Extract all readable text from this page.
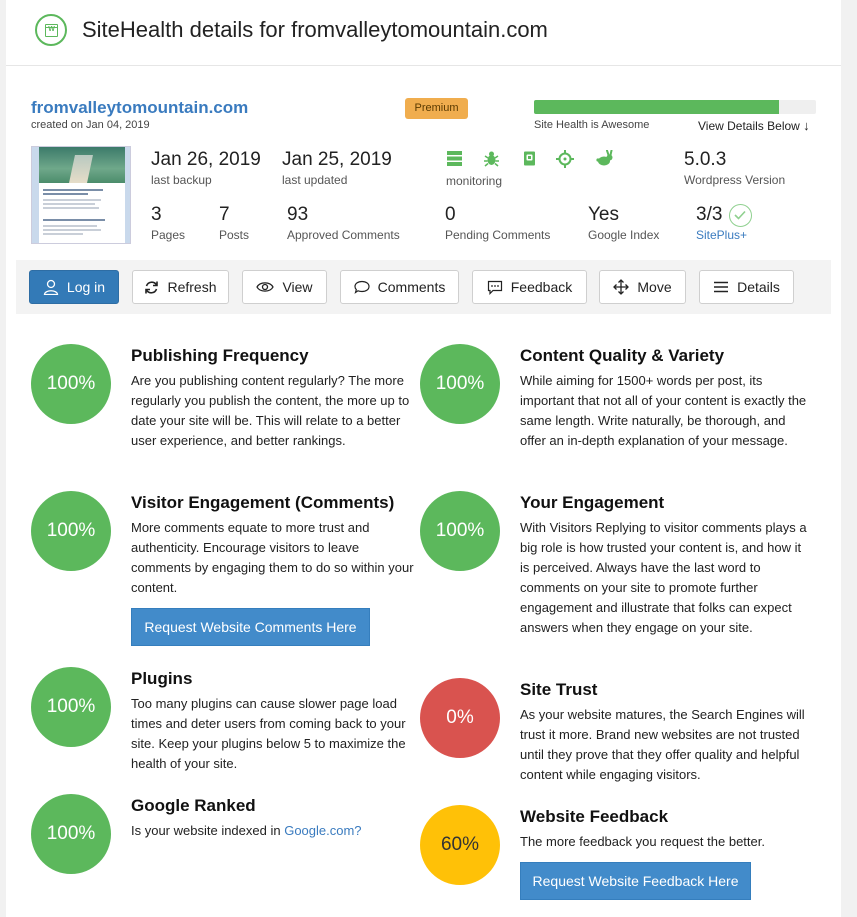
W SiteHealth details for fromvalleytomountain.com
fromvalleytomountain.com
created on Jan 04, 2019
Premium
Site Health is Awesome	View Details Below ↓
Jan 26, 2019
last backup
Jan 25, 2019
last updated	monitoring
5.0.3
Wordpress Version
3
Pages
7
Posts
93
Approved Comments
0
Pending Comments
Yes
Google Index
3/3
SitePlus+
Log in	Refresh	View	Comments	Feedback	Move	Details
100%
Publishing Frequency
Are you publishing content regularly? The more regularly you publish the content, the more up to date your site will be. This will relate to a better user experience, and better rankings.
100%
Content Quality & Variety
While aiming for 1500+ words per post, its important that not all of your content is exactly the same length. Write naturally, be thorough, and offer an in-depth explanation of your message.
100%
Visitor Engagement (Comments)
More comments equate to more trust and authenticity. Encourage visitors to leave comments by engaging them to do so within your content.
Request Website Comments Here
100%
Your Engagement
With Visitors Replying to visitor comments plays a big role is how trusted your content is, and how it is perceived. Always have the last word to comments on your site to promote further engagement and illustrate that folks can expect answers when they engage on your site.
100%
Plugins
Too many plugins can cause slower page load times and deter users from coming back to your site. Keep your plugins below 5 to maximize the health of your site.
0%
Site Trust
As your website matures, the Search Engines will trust it more. Brand new websites are not trusted until they prove that they offer quality and helpful content while engaging visitors.
100%
Google Ranked
Is your website indexed in Google.com?
60%
Website Feedback
The more feedback you request the better.
Request Website Feedback Here
